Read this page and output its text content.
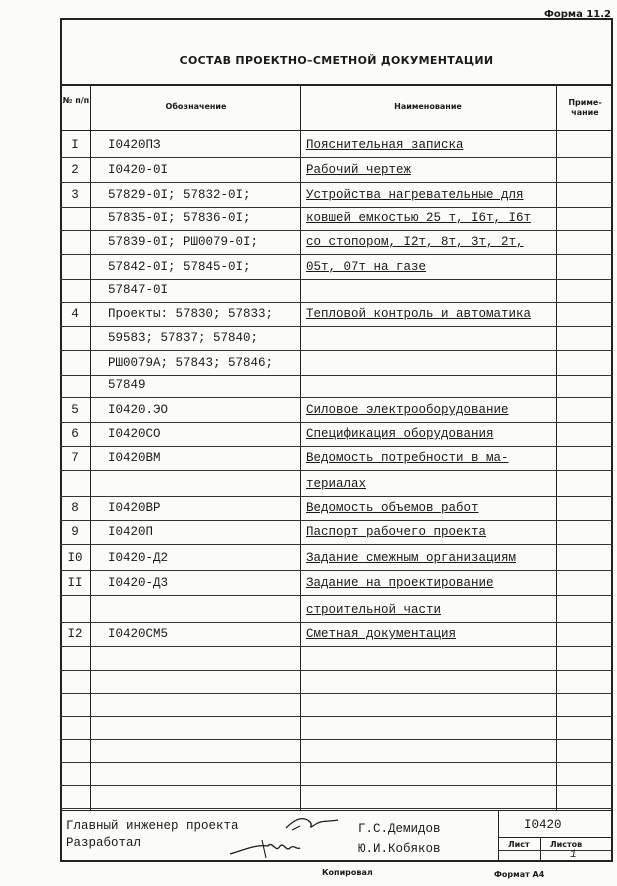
Форма 11.2
СОСТАВ ПРОЕКТНО–СМЕТНОЙ ДОКУМЕНТАЦИИ
№ п/п
Обозначение	Наименование	Приме- чание
I	I0420ПЗ	Пояснительная записка
2	I0420-0I	Рабочий чертеж
3	57829-0I; 57832-0I;	Устройства нагревательные для
57835-0I; 57836-0I;	ковшей емкостью 25 т, I6т, I6т
57839-0I; РШ0079-0I;	со стопором, I2т, 8т, 3т, 2т,
57842-0I; 57845-0I;	05т, 07т на газе
57847-0I
4	Проекты: 57830; 57833;	Тепловой контроль и автоматика
59583; 57837; 57840;
РШ0079А; 57843; 57846;
57849
5	I0420.ЭО	Силовое электрооборудование
6	I0420СО	Спецификация оборудования
7	I0420ВМ	Ведомость потребности в ма-
териалах
8	I0420ВР	Ведомость объемов работ
9	I0420П	Паспорт рабочего проекта
I0	I0420-Д2	Задание смежным организациям
II	I0420-Д3	Задание на проектирование
строительной части
I2	I0420СМ5	Сметная документация
Главный инженер проекта
Разработал
Г.С.Демидов
Ю.И.Кобяков
I0420
Лист	Листов
1
Копировал	Формат А4
